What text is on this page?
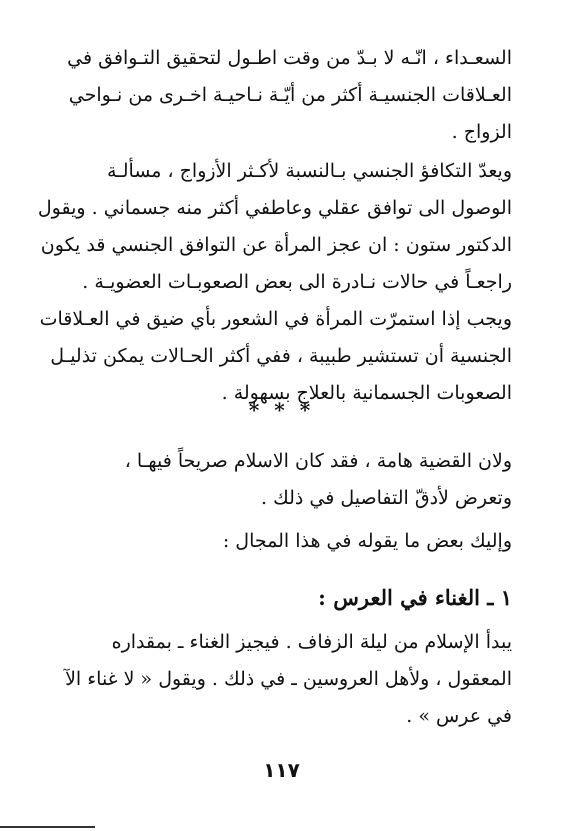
السعـداء ، انّـه لا بـدّ من وقت اطـول لتحقيق التـوافق في
العـلاقات الجنسيـة أكثر من أيّـة نـاحيـة اخـرى من نـواحي
الزواج .
ويعدّ التكافؤ الجنسي بـالنسبة لأكـثر الأزواج ، مسألـة
الوصول الى توافق عقلي وعاطفي أكثر منه جسماني . ويقول
الدكتور ستون : ان عجز المرأة عن التوافق الجنسي قد يكون
راجعـاً في حالات نـادرة الى بعض الصعوبـات العضويـة .
ويجب إذا استمرّت المرأة في الشعور بأي ضيق في العـلاقات
الجنسية أن تستشير طبيبة ، ففي أكثر الحـالات يمكن تذليـل
الصعوبات الجسمانية بالعلاج بسهولة .
* * *
ولان القضية هامة ، فقد كان الاسلام صريحاً فيهـا ،
وتعرض لأدقّ التفاصيل في ذلك .
وإليك بعض ما يقوله في هذا المجال :
١ ـ الغناء في العرس :
يبدأ الإسلام من ليلة الزفاف . فيجيز الغناء ـ بمقداره
المعقول ، ولأهل العروسين ـ في ذلك . ويقول « لا غناء الآ
في عرس » .
١١٧
